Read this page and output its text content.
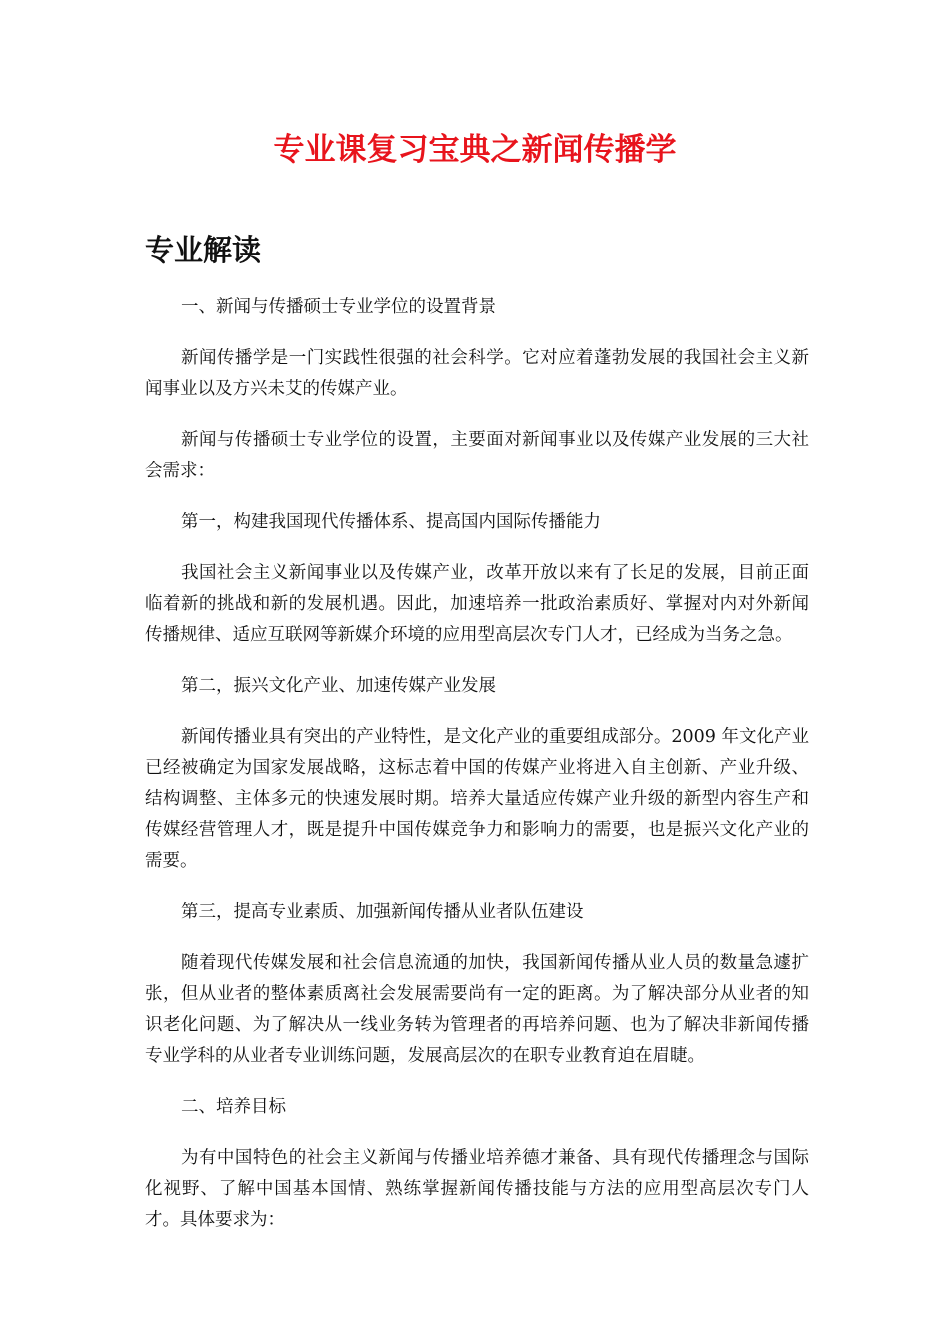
专业课复习宝典之新闻传播学
专业解读

一、新闻与传播硕士专业学位的设置背景

新闻传播学是一门实践性很强的社会科学。它对应着蓬勃发展的我国社会主义新闻事业以及方兴未艾的传媒产业。

新闻与传播硕士专业学位的设置，主要面对新闻事业以及传媒产业发展的三大社会需求：

第一，构建我国现代传播体系、提高国内国际传播能力

我国社会主义新闻事业以及传媒产业，改革开放以来有了长足的发展，目前正面临着新的挑战和新的发展机遇。因此，加速培养一批政治素质好、掌握对内对外新闻传播规律、适应互联网等新媒介环境的应用型高层次专门人才，已经成为当务之急。

第二，振兴文化产业、加速传媒产业发展

新闻传播业具有突出的产业特性，是文化产业的重要组成部分。2009 年文化产业已经被确定为国家发展战略，这标志着中国的传媒产业将进入自主创新、产业升级、结构调整、主体多元的快速发展时期。培养大量适应传媒产业升级的新型内容生产和传媒经营管理人才，既是提升中国传媒竞争力和影响力的需要，也是振兴文化产业的需要。

第三，提高专业素质、加强新闻传播从业者队伍建设

随着现代传媒发展和社会信息流通的加快，我国新闻传播从业人员的数量急遽扩张，但从业者的整体素质离社会发展需要尚有一定的距离。为了解决部分从业者的知识老化问题、为了解决从一线业务转为管理者的再培养问题、也为了解决非新闻传播专业学科的从业者专业训练问题，发展高层次的在职专业教育迫在眉睫。

二、培养目标

为有中国特色的社会主义新闻与传播业培养德才兼备、具有现代传播理念与国际化视野、了解中国基本国情、熟练掌握新闻传播技能与方法的应用型高层次专门人才。具体要求为：
